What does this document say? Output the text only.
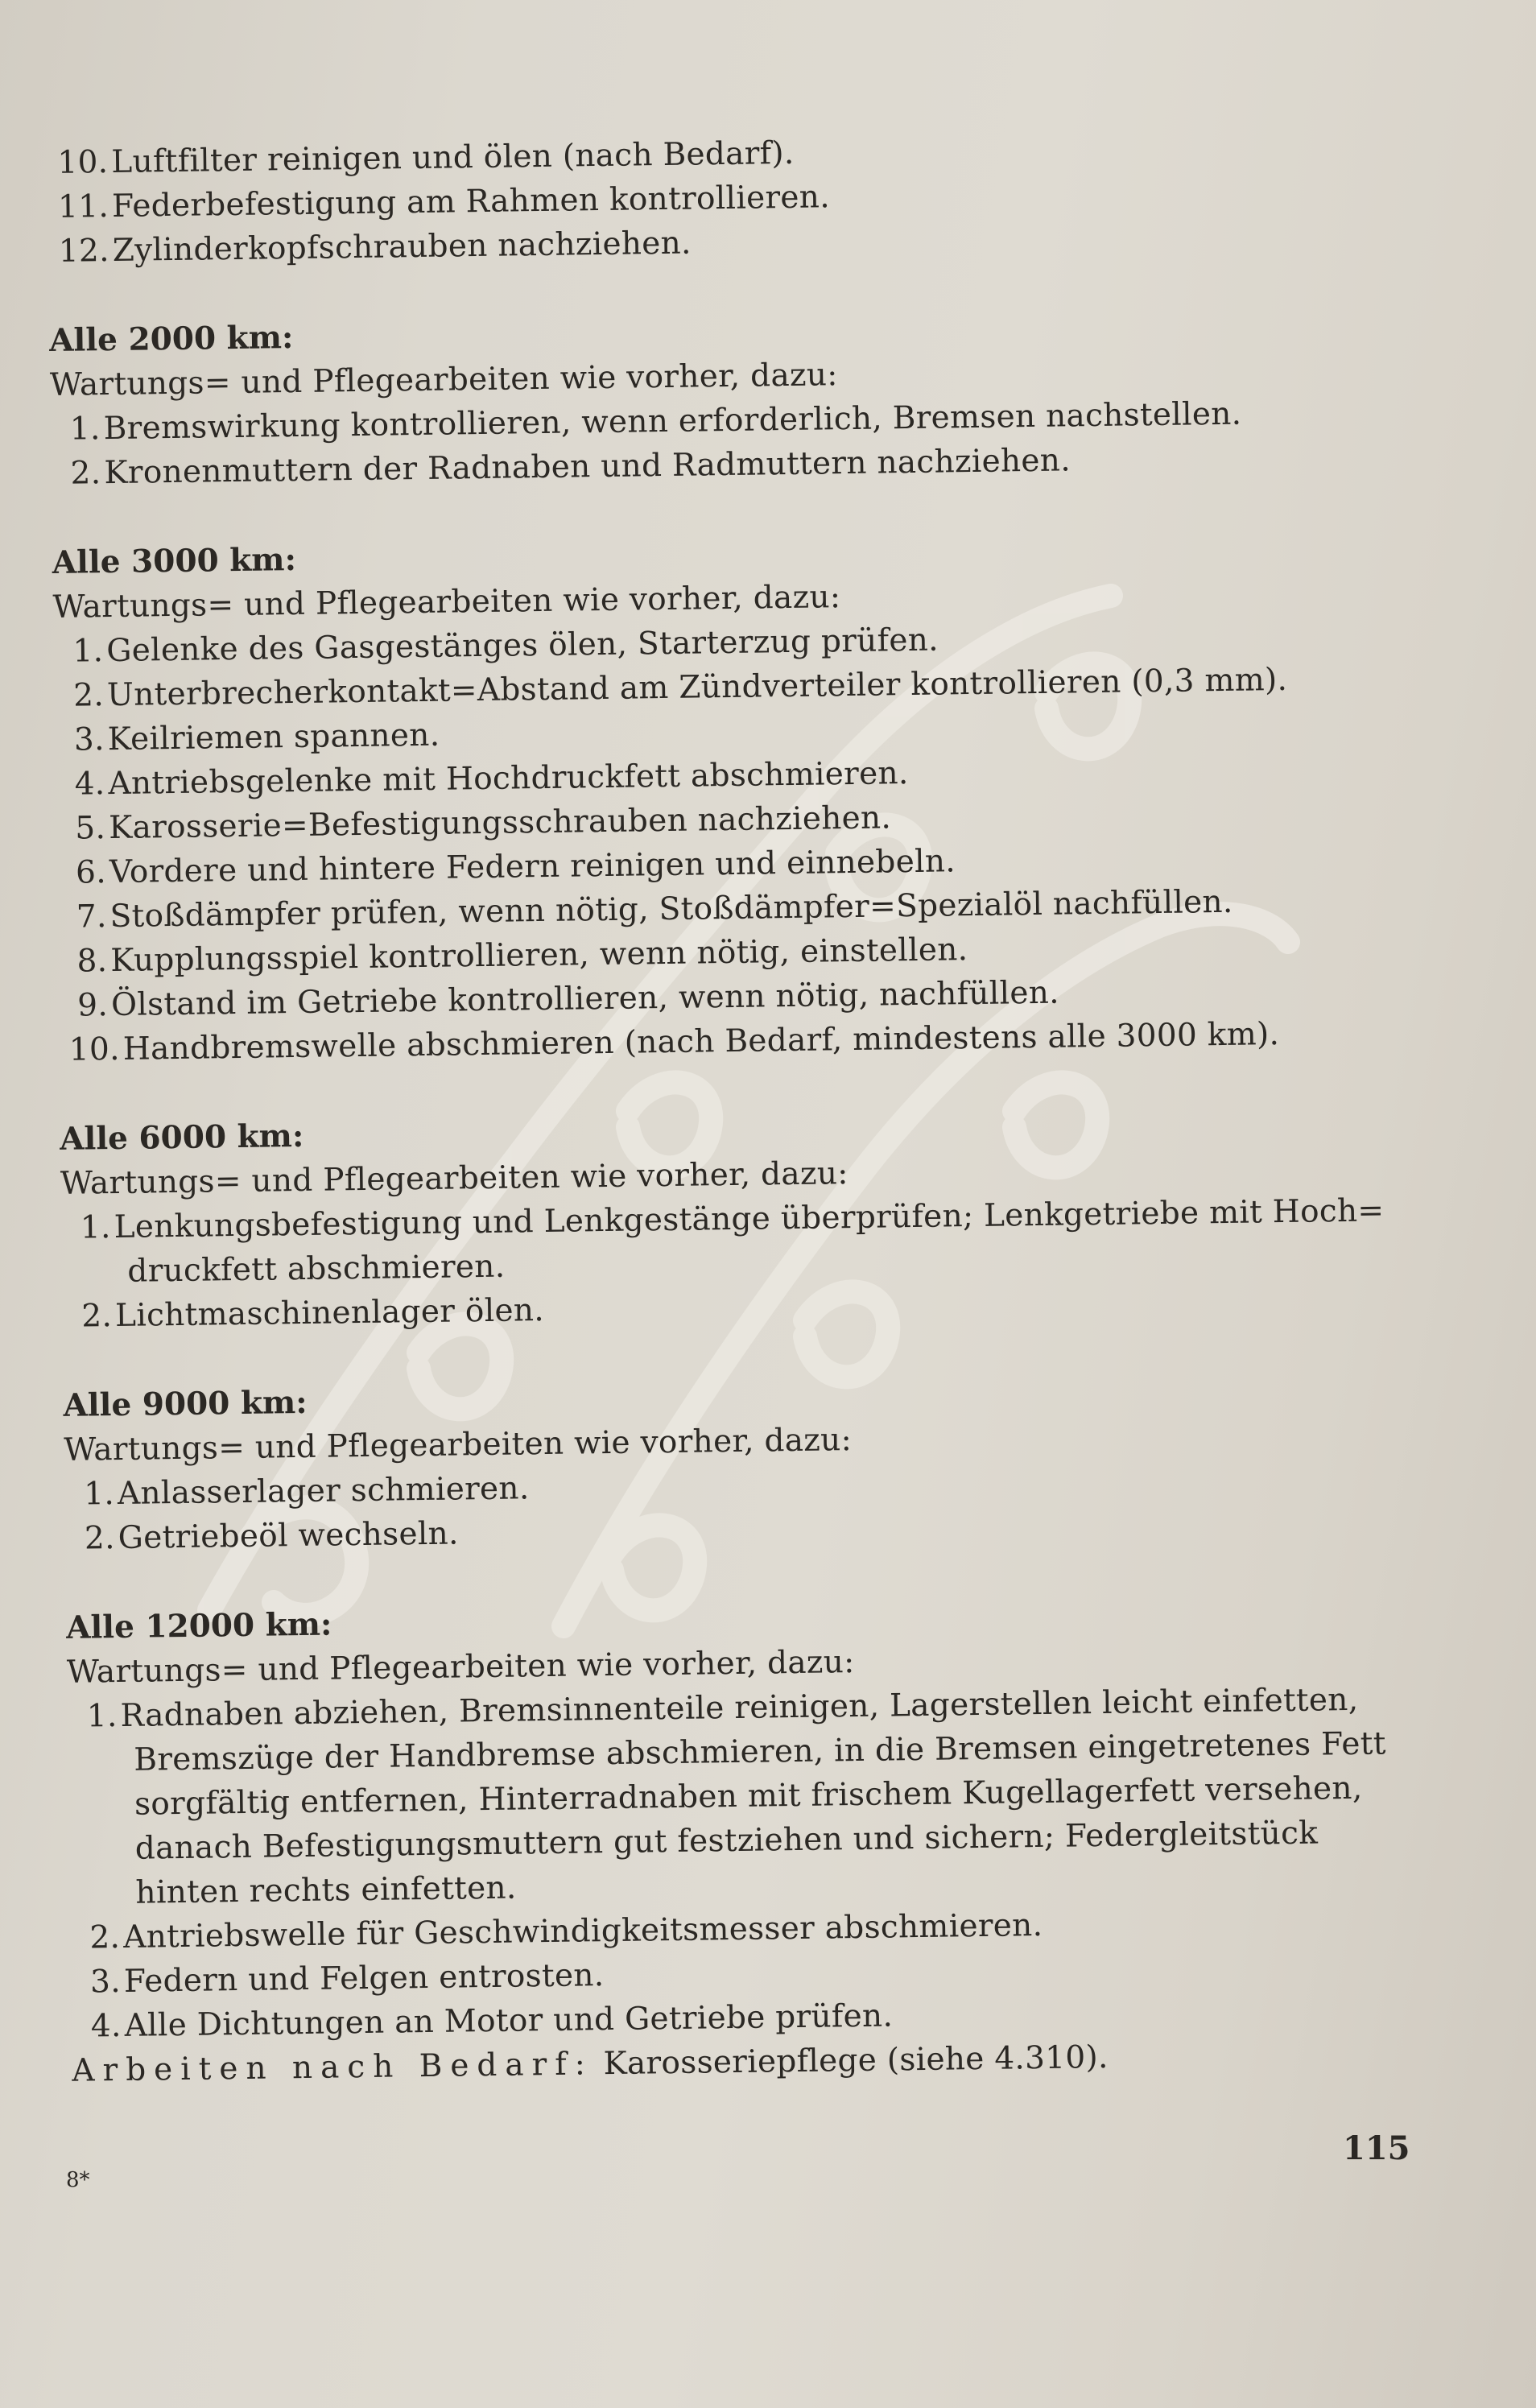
10.Luftfilter reinigen und ölen (nach Bedarf).
11.Federbefestigung am Rahmen kontrollieren.
12.Zylinderkopfschrauben nachziehen.
Alle 2000 km:
Wartungs= und Pflegearbeiten wie vorher, dazu:
1.Bremswirkung kontrollieren, wenn erforderlich, Bremsen nachstellen.
2.Kronenmuttern der Radnaben und Radmuttern nachziehen.
Alle 3000 km:
Wartungs= und Pflegearbeiten wie vorher, dazu:
1.Gelenke des Gasgestänges ölen, Starterzug prüfen.
2.Unterbrecherkontakt=Abstand am Zündverteiler kontrollieren (0,3 mm).
3.Keilriemen spannen.
4.Antriebsgelenke mit Hochdruckfett abschmieren.
5.Karosserie=Befestigungsschrauben nachziehen.
6.Vordere und hintere Federn reinigen und einnebeln.
7.Stoßdämpfer prüfen, wenn nötig, Stoßdämpfer=Spezialöl nachfüllen.
8.Kupplungsspiel kontrollieren, wenn nötig, einstellen.
9.Ölstand im Getriebe kontrollieren, wenn nötig, nachfüllen.
10.Handbremswelle abschmieren (nach Bedarf, mindestens alle 3000 km).
Alle 6000 km:
Wartungs= und Pflegearbeiten wie vorher, dazu:
1.Lenkungsbefestigung und Lenkgestänge überprüfen; Lenkgetriebe mit Hoch=
druckfett abschmieren.
2.Lichtmaschinenlager ölen.
Alle 9000 km:
Wartungs= und Pflegearbeiten wie vorher, dazu:
1.Anlasserlager schmieren.
2.Getriebeöl wechseln.
Alle 12000 km:
Wartungs= und Pflegearbeiten wie vorher, dazu:
1.Radnaben abziehen, Bremsinnenteile reinigen, Lagerstellen leicht einfetten,
Bremszüge der Handbremse abschmieren, in die Bremsen eingetretenes Fett
sorgfältig entfernen, Hinterradnaben mit frischem Kugellagerfett versehen,
danach Befestigungsmuttern gut festziehen und sichern; Federgleitstück
hinten rechts einfetten.
2.Antriebswelle für Geschwindigkeitsmesser abschmieren.
3.Federn und Felgen entrosten.
4.Alle Dichtungen an Motor und Getriebe prüfen.
Arbeiten nach Bedarf: Karosseriepflege (siehe 4.310).
115
8*
